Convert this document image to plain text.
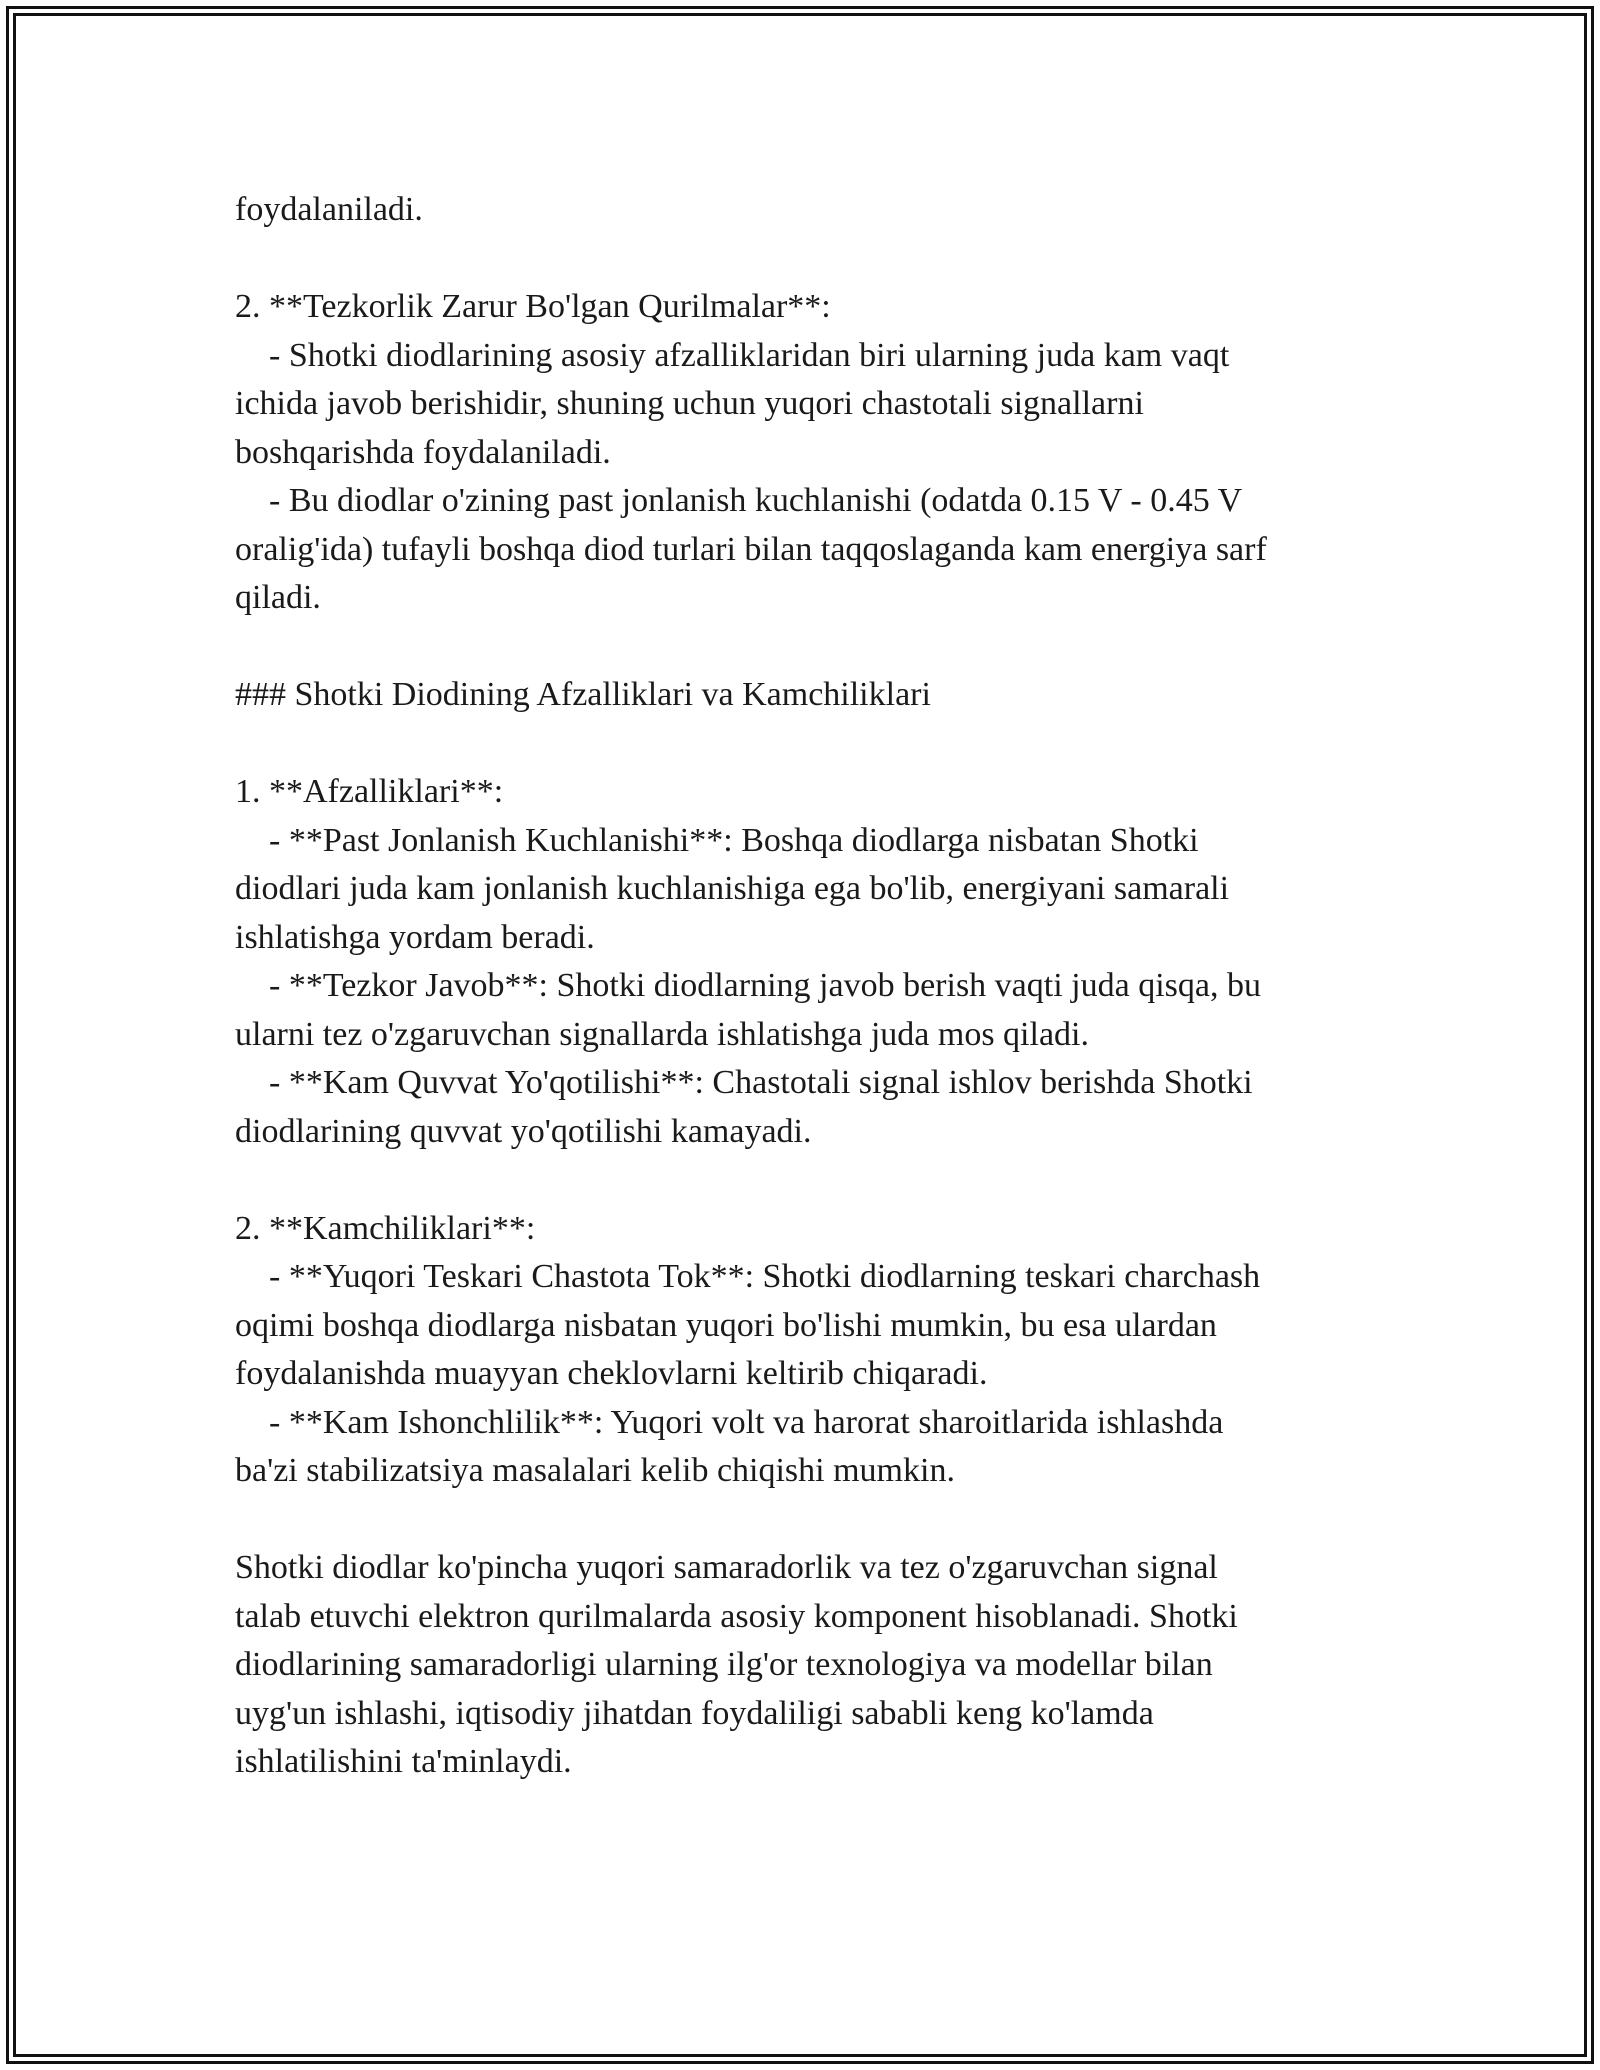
foydalaniladi.
2. **Tezkorlik Zarur Bo'lgan Qurilmalar**:
- Shotki diodlarining asosiy afzalliklaridan biri ularning juda kam vaqt
ichida javob berishidir, shuning uchun yuqori chastotali signallarni
boshqarishda foydalaniladi.
- Bu diodlar o'zining past jonlanish kuchlanishi (odatda 0.15 V - 0.45 V
oralig'ida) tufayli boshqa diod turlari bilan taqqoslaganda kam energiya sarf
qiladi.
### Shotki Diodining Afzalliklari va Kamchiliklari
1. **Afzalliklari**:
- **Past Jonlanish Kuchlanishi**: Boshqa diodlarga nisbatan Shotki
diodlari juda kam jonlanish kuchlanishiga ega bo'lib, energiyani samarali
ishlatishga yordam beradi.
- **Tezkor Javob**: Shotki diodlarning javob berish vaqti juda qisqa, bu
ularni tez o'zgaruvchan signallarda ishlatishga juda mos qiladi.
- **Kam Quvvat Yo'qotilishi**: Chastotali signal ishlov berishda Shotki
diodlarining quvvat yo'qotilishi kamayadi.
2. **Kamchiliklari**:
- **Yuqori Teskari Chastota Tok**: Shotki diodlarning teskari charchash
oqimi boshqa diodlarga nisbatan yuqori bo'lishi mumkin, bu esa ulardan
foydalanishda muayyan cheklovlarni keltirib chiqaradi.
- **Kam Ishonchlilik**: Yuqori volt va harorat sharoitlarida ishlashda
ba'zi stabilizatsiya masalalari kelib chiqishi mumkin.
Shotki diodlar ko'pincha yuqori samaradorlik va tez o'zgaruvchan signal
talab etuvchi elektron qurilmalarda asosiy komponent hisoblanadi. Shotki
diodlarining samaradorligi ularning ilg'or texnologiya va modellar bilan
uyg'un ishlashi, iqtisodiy jihatdan foydaliligi sababli keng ko'lamda
ishlatilishini ta'minlaydi.
